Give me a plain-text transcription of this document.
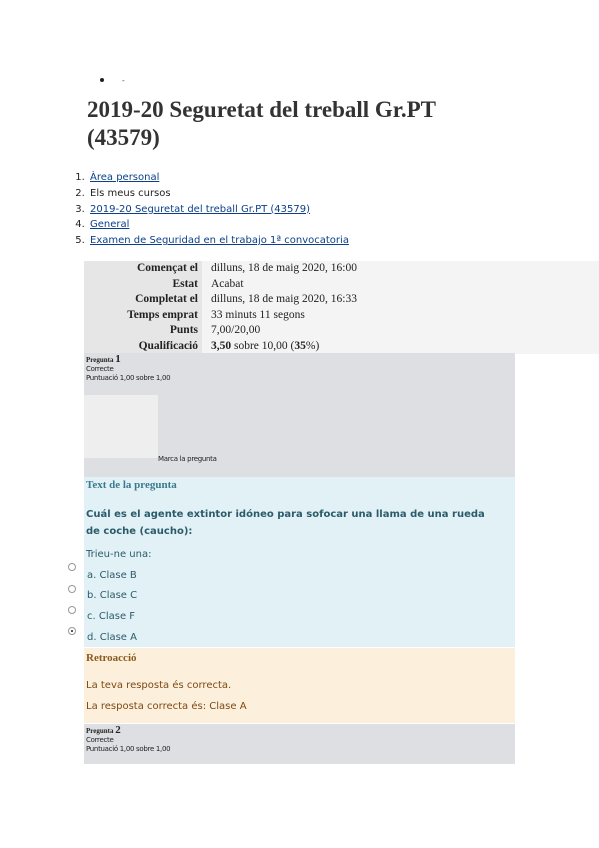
-
2019-20 Seguretat del treball Gr.PT (43579)
1. Àrea personal
2. Els meus cursos
3. 2019-20 Seguretat del treball Gr.PT (43579)
4. General
5. Examen de Seguridad en el trabajo 1ª convocatoria
Començat el	dilluns, 18 de maig 2020, 16:00
Estat	Acabat
Completat el	dilluns, 18 de maig 2020, 16:33
Temps emprat	33 minuts 11 segons
Punts	7,00/20,00
Qualificació	3,50 sobre 10,00 (35%)
Pregunta 1
Correcte
Puntuació 1,00 sobre 1,00
Marca la pregunta
Text de la pregunta
Cuál es el agente extintor idóneo para sofocar una llama de una rueda de coche (caucho):
Trieu-ne una:
a. Clase B
b. Clase C
c. Clase F
d. Clase A
Retroacció
La teva resposta és correcta.
La resposta correcta és: Clase A
Pregunta 2
Correcte
Puntuació 1,00 sobre 1,00
